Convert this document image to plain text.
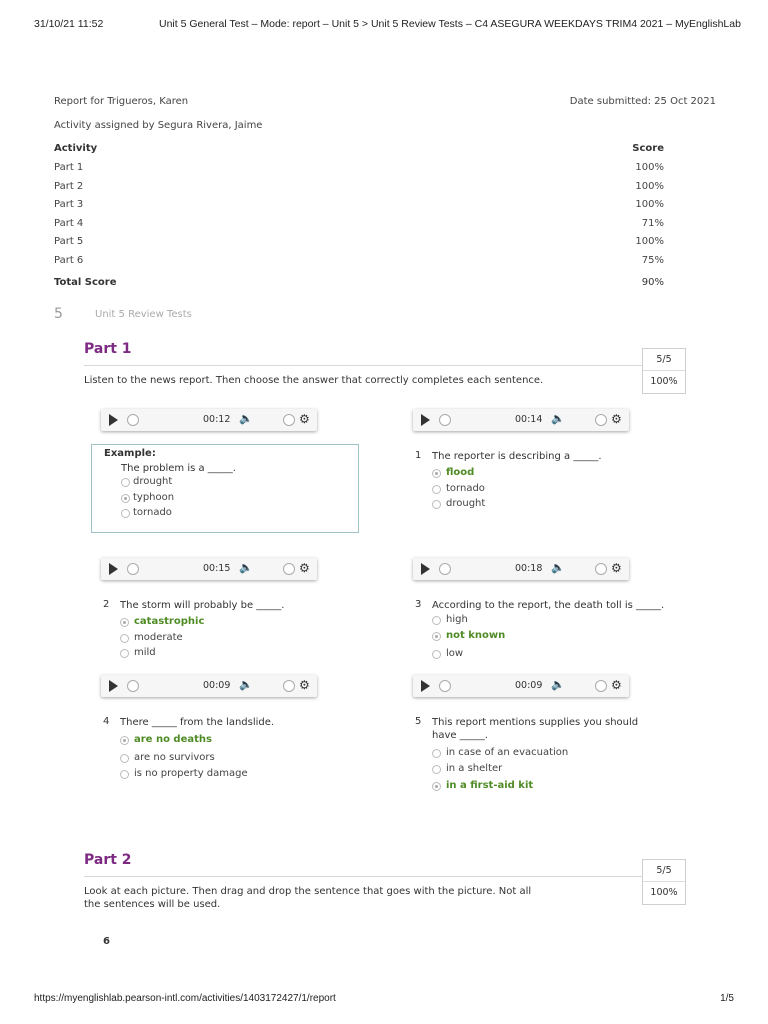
31/10/21 11:52	Unit 5 General Test – Mode: report – Unit 5 > Unit 5 Review Tests – C4 ASEGURA WEEKDAYS TRIM4 2021 – MyEnglishLab
Report for Trigueros, Karen	Date submitted: 25 Oct 2021
Activity assigned by Segura Rivera, Jaime
Activity	Score
Part 1	100%
Part 2	100%
Part 3	100%
Part 4	71%
Part 5	100%
Part 6	75%
Total Score	90%
5	Unit 5 Review Tests
Part 1
Listen to the news report. Then choose the answer that correctly completes each sentence.
5/5
100%
00:12 🔈	⚙	00:14 🔈	⚙
00:15 🔈	⚙	00:18 🔈	⚙
00:09 🔈	⚙	00:09 🔈	⚙
Example:
The problem is a _____.
drought
typhoon
tornado
1 The reporter is describing a _____.
flood
tornado
drought
2 The storm will probably be _____.
catastrophic
moderate
mild
3 According to the report, the death toll is _____.
high
not known
low
4 There _____ from the landslide.
are no deaths
are no survivors
is no property damage
5 This report mentions supplies you should have _____.
in case of an evacuation
in a shelter
in a first-aid kit
Part 2
Look at each picture. Then drag and drop the sentence that goes with the picture. Not all the sentences will be used.
5/5
100%
6
https://myenglishlab.pearson-intl.com/activities/1403172427/1/report	1/5
